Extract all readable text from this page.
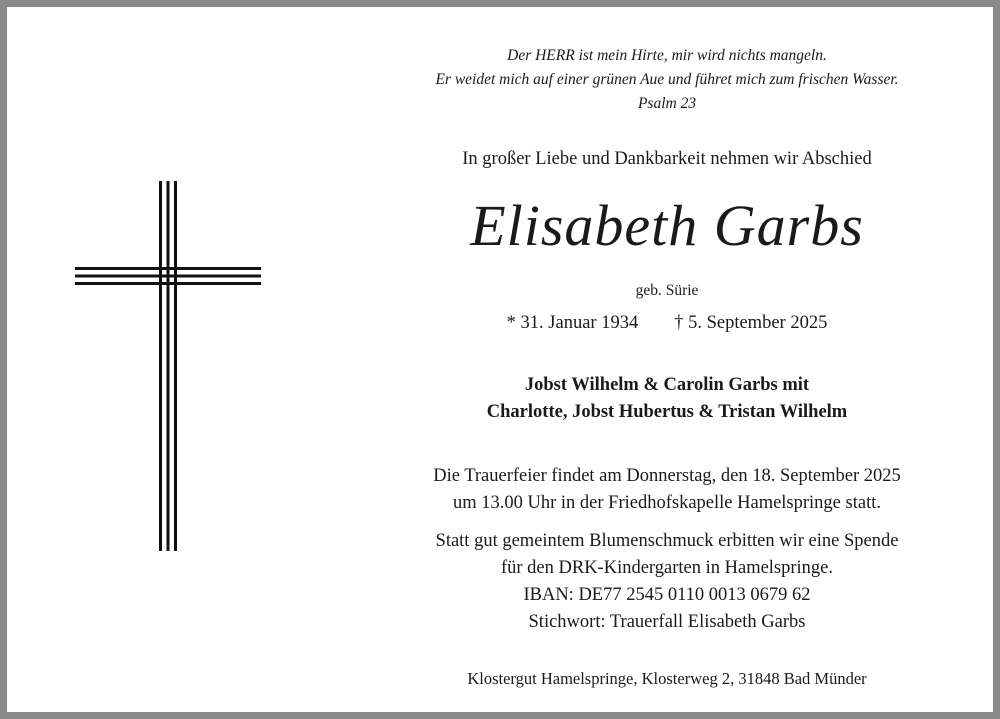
Der HERR ist mein Hirte, mir wird nichts mangeln.
Er weidet mich auf einer grünen Aue und führet mich zum frischen Wasser.
Psalm 23
In großer Liebe und Dankbarkeit nehmen wir Abschied
Elisabeth Garbs
geb. Sürie
* 31. Januar 1934 † 5. September 2025
Jobst Wilhelm & Carolin Garbs mit
Charlotte, Jobst Hubertus & Tristan Wilhelm
Die Trauerfeier findet am Donnerstag, den 18. September 2025
um 13.00 Uhr in der Friedhofskapelle Hamelspringe statt.
Statt gut gemeintem Blumenschmuck erbitten wir eine Spende
für den DRK-Kindergarten in Hamelspringe.
IBAN: DE77 2545 0110 0013 0679 62
Stichwort: Trauerfall Elisabeth Garbs
Klostergut Hamelspringe, Klosterweg 2, 31848 Bad Münder
